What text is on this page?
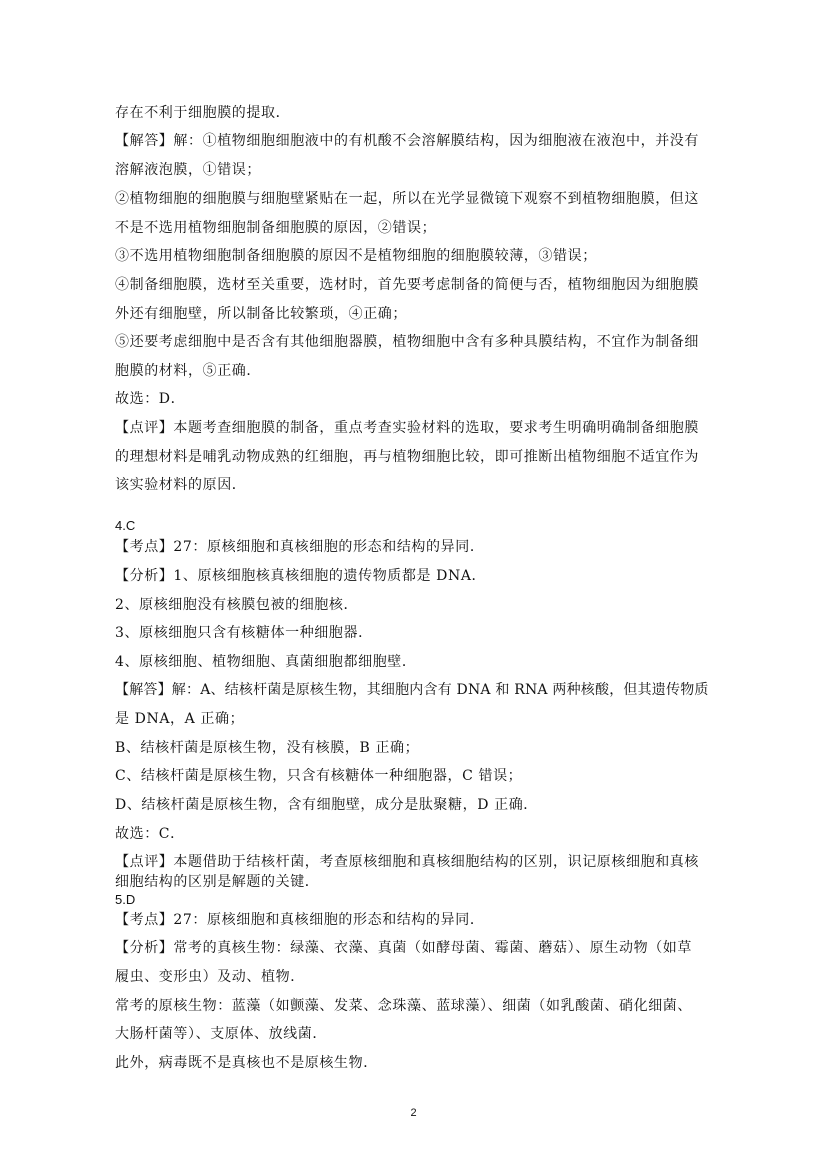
存在不利于细胞膜的提取．
【解答】解：①植物细胞细胞液中的有机酸不会溶解膜结构，因为细胞液在液泡中，并没有
溶解液泡膜，①错误；
②植物细胞的细胞膜与细胞壁紧贴在一起，所以在光学显微镜下观察不到植物细胞膜，但这
不是不选用植物细胞制备细胞膜的原因，②错误；
③不选用植物细胞制备细胞膜的原因不是植物细胞的细胞膜较薄，③错误；
④制备细胞膜，选材至关重要，选材时，首先要考虑制备的简便与否，植物细胞因为细胞膜
外还有细胞壁，所以制备比较繁琐，④正确；
⑤还要考虑细胞中是否含有其他细胞器膜，植物细胞中含有多种具膜结构，不宜作为制备细
胞膜的材料，⑤正确．
故选：D．
【点评】本题考查细胞膜的制备，重点考查实验材料的选取，要求考生明确明确制备细胞膜
的理想材料是哺乳动物成熟的红细胞，再与植物细胞比较，即可推断出植物细胞不适宜作为
该实验材料的原因．
4.C
【考点】27：原核细胞和真核细胞的形态和结构的异同．
【分析】1、原核细胞核真核细胞的遗传物质都是 DNA．
2、原核细胞没有核膜包被的细胞核．
3、原核细胞只含有核糖体一种细胞器．
4、原核细胞、植物细胞、真菌细胞都细胞壁．
【解答】解：A、结核杆菌是原核生物，其细胞内含有 DNA 和 RNA 两种核酸，但其遗传物质
是 DNA，A 正确；
B、结核杆菌是原核生物，没有核膜，B 正确；
C、结核杆菌是原核生物，只含有核糖体一种细胞器，C 错误；
D、结核杆菌是原核生物，含有细胞壁，成分是肽聚糖，D 正确．
故选：C．
【点评】本题借助于结核杆菌，考查原核细胞和真核细胞结构的区别，识记原核细胞和真核
细胞结构的区别是解题的关键．
5.D
【考点】27：原核细胞和真核细胞的形态和结构的异同．
【分析】常考的真核生物：绿藻、衣藻、真菌（如酵母菌、霉菌、蘑菇）、原生动物（如草
履虫、变形虫）及动、植物．
常考的原核生物：蓝藻（如颤藻、发菜、念珠藻、蓝球藻）、细菌（如乳酸菌、硝化细菌、
大肠杆菌等）、支原体、放线菌．
此外，病毒既不是真核也不是原核生物．
2
